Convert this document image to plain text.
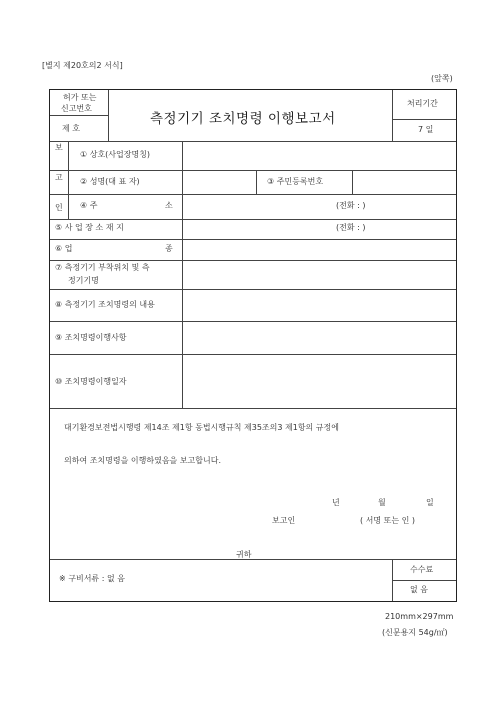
[별지 제20호의2 서식]
(앞쪽)
허가 또는
신고번호
제 호
측정기기 조치명령 이행보고서
처리기간
7 일
보
고
인
① 상호(사업장명칭)
② 성명(대 표 자)	③ 주민등록번호
④ 주	소	(전화 : )
⑤ 사 업 장 소 재 지	(전화 : )
⑥ 업	종
⑦ 측정기기 부착위치 및 측
정기기명
⑧ 측정기기 조치명령의 내용
⑨ 조치명령이행사항
⑩ 조치명령이행일자
대기환경보전법시행령 제14조 제1항 동법시행규칙 제35조의3 제1항의 규정에
의하여 조치명령을 이행하였음을 보고합니다.
년	월	일
보고인	( 서명 또는 인 )
귀하
※ 구비서류 : 없 음
수수료
없 음
210mm×297mm
(신문용지 54g/㎡)
